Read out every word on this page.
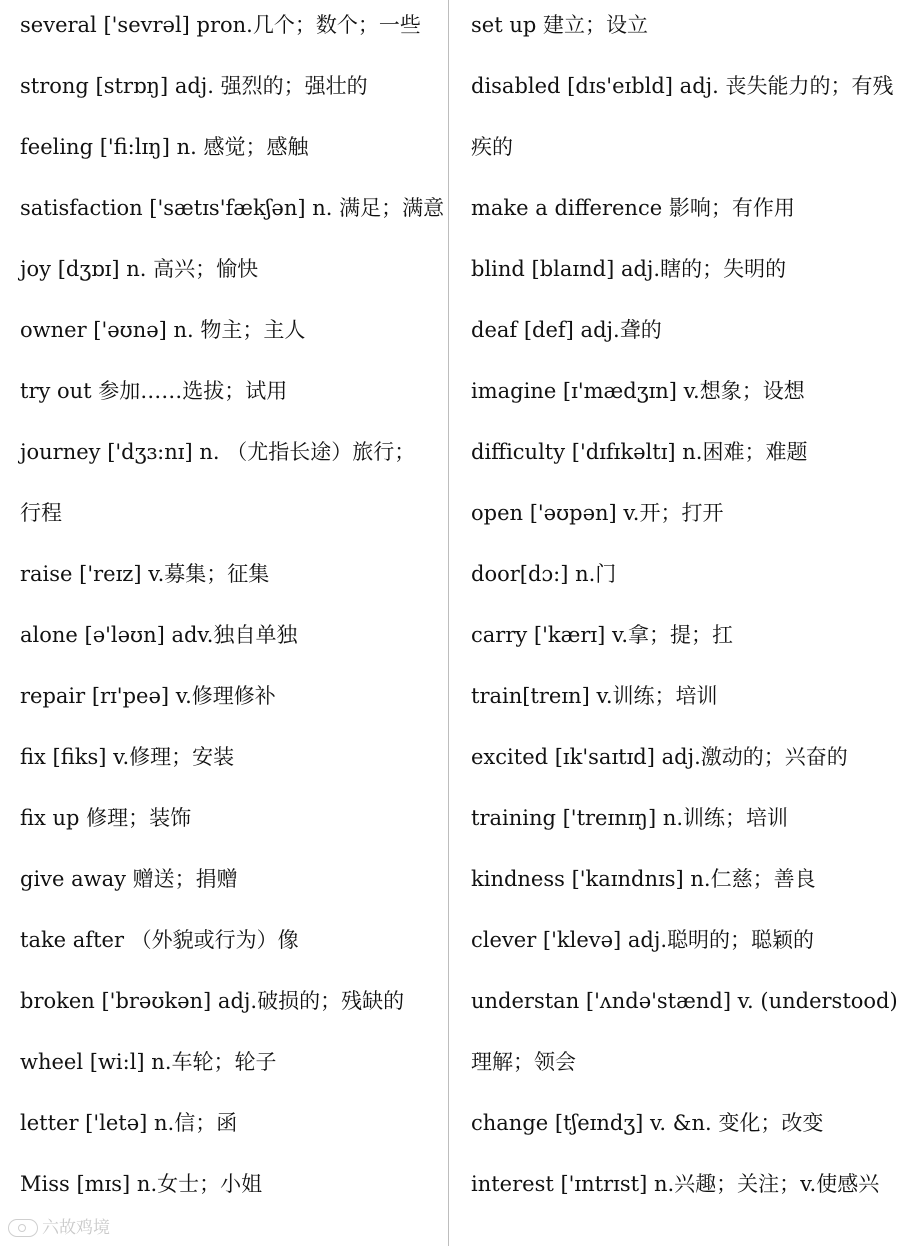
several ['sevrəl] pron.几个；数个；一些
strong [strɒŋ] adj. 强烈的；强壮的
feeling ['fi:lɪŋ] n. 感觉；感触
satisfaction ['sætɪs'fækʃən] n. 满足；满意
joy [dʒɒɪ] n. 高兴；愉快
owner ['əʊnə] n. 物主；主人
try out 参加……选拔；试用
journey ['dʒɜ:nɪ] n. （尤指长途）旅行；
行程
raise ['reɪz] v.募集；征集
alone [ə'ləʊn] adv.独自单独
repair [rɪ'peə] v.修理修补
fix [fiks] v.修理；安装
fix up 修理；装饰
give away 赠送；捐赠
take after （外貌或行为）像
broken ['brəʊkən] adj.破损的；残缺的
wheel [wi:l] n.车轮；轮子
letter ['letə] n.信；函
Miss [mɪs] n.女士；小姐
set up 建立；设立
disabled [dɪs'eɪbld] adj. 丧失能力的；有残
疾的
make a difference 影响；有作用
blind [blaɪnd] adj.瞎的；失明的
deaf [def] adj.聋的
imagine [ɪ'mædʒɪn] v.想象；设想
difficulty ['dɪfɪkəltɪ] n.困难；难题
open ['əʊpən] v.开；打开
door[dɔ:] n.门
carry ['kærɪ] v.拿；提；扛
train[treɪn] v.训练；培训
excited [ɪk'saɪtɪd] adj.激动的；兴奋的
training ['treɪnɪŋ] n.训练；培训
kindness ['kaɪndnɪs] n.仁慈；善良
clever ['klevə] adj.聪明的；聪颖的
understan ['ʌndə'stænd] v. (understood)
理解；领会
change [tʃeɪndʒ] v. &n. 变化；改变
interest ['ɪntrɪst] n.兴趣；关注；v.使感兴
六故鸡境
